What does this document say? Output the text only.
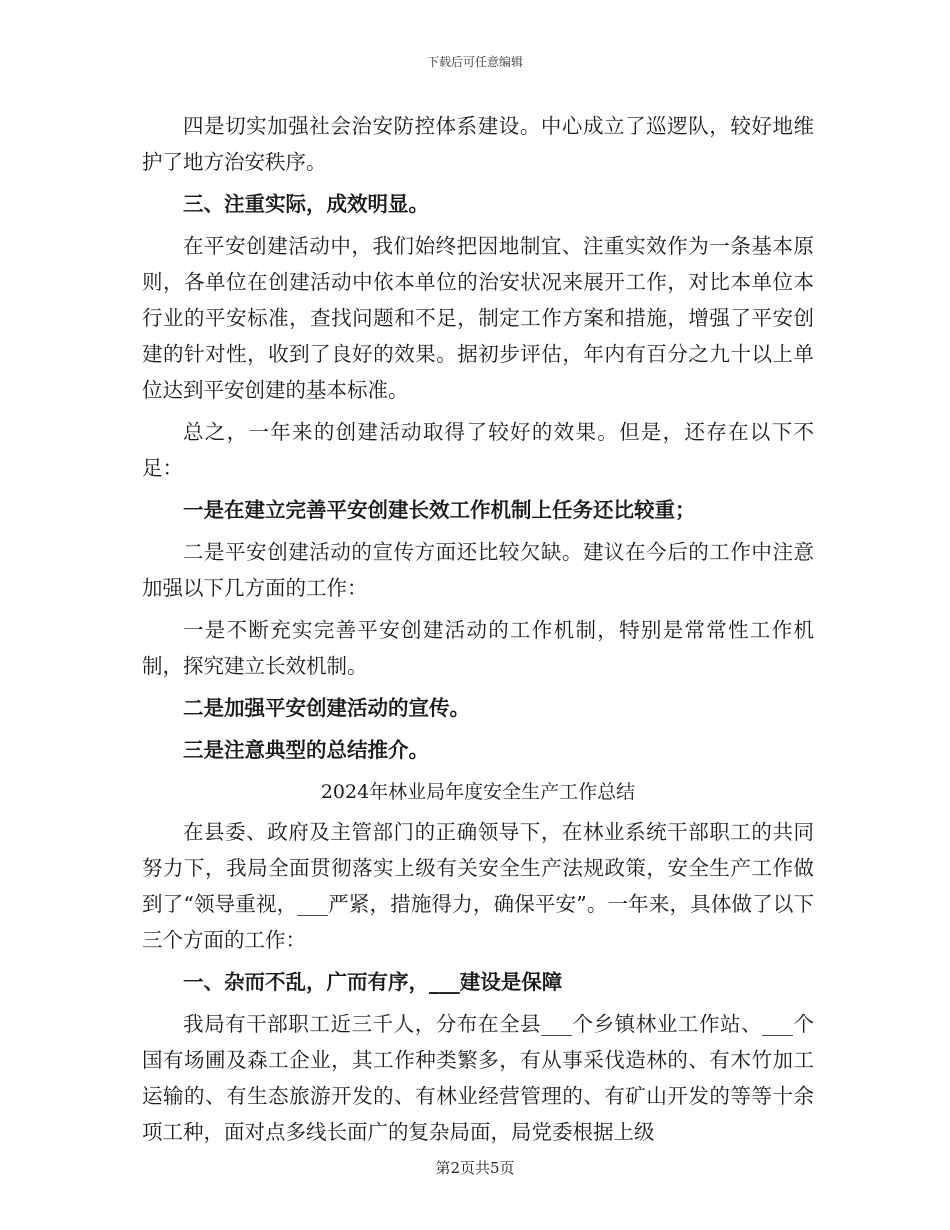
下载后可任意编辑

四是切实加强社会治安防控体系建设。中心成立了巡逻队，较好地维护了地方治安秩序。

三、注重实际，成效明显。

在平安创建活动中，我们始终把因地制宜、注重实效作为一条基本原则，各单位在创建活动中依本单位的治安状况来展开工作，对比本单位本行业的平安标准，查找问题和不足，制定工作方案和措施，增强了平安创建的针对性，收到了良好的效果。据初步评估，年内有百分之九十以上单位达到平安创建的基本标准。

总之，一年来的创建活动取得了较好的效果。但是，还存在以下不足：

一是在建立完善平安创建长效工作机制上任务还比较重；

二是平安创建活动的宣传方面还比较欠缺。建议在今后的工作中注意加强以下几方面的工作：

一是不断充实完善平安创建活动的工作机制，特别是常常性工作机制，探究建立长效机制。

二是加强平安创建活动的宣传。

三是注意典型的总结推介。

2024年林业局年度安全生产工作总结

在县委、政府及主管部门的正确领导下，在林业系统干部职工的共同努力下，我局全面贯彻落实上级有关安全生产法规政策，安全生产工作做到了“领导重视，___严紧，措施得力，确保平安”。一年来，具体做了以下三个方面的工作：

一、杂而不乱，广而有序，___建设是保障

我局有干部职工近三千人，分布在全县___个乡镇林业工作站、___个国有场圃及森工企业，其工作种类繁多，有从事采伐造林的、有木竹加工运输的、有生态旅游开发的、有林业经营管理的、有矿山开发的等等十余项工种，面对点多线长面广的复杂局面，局党委根据上级

第2页共5页
